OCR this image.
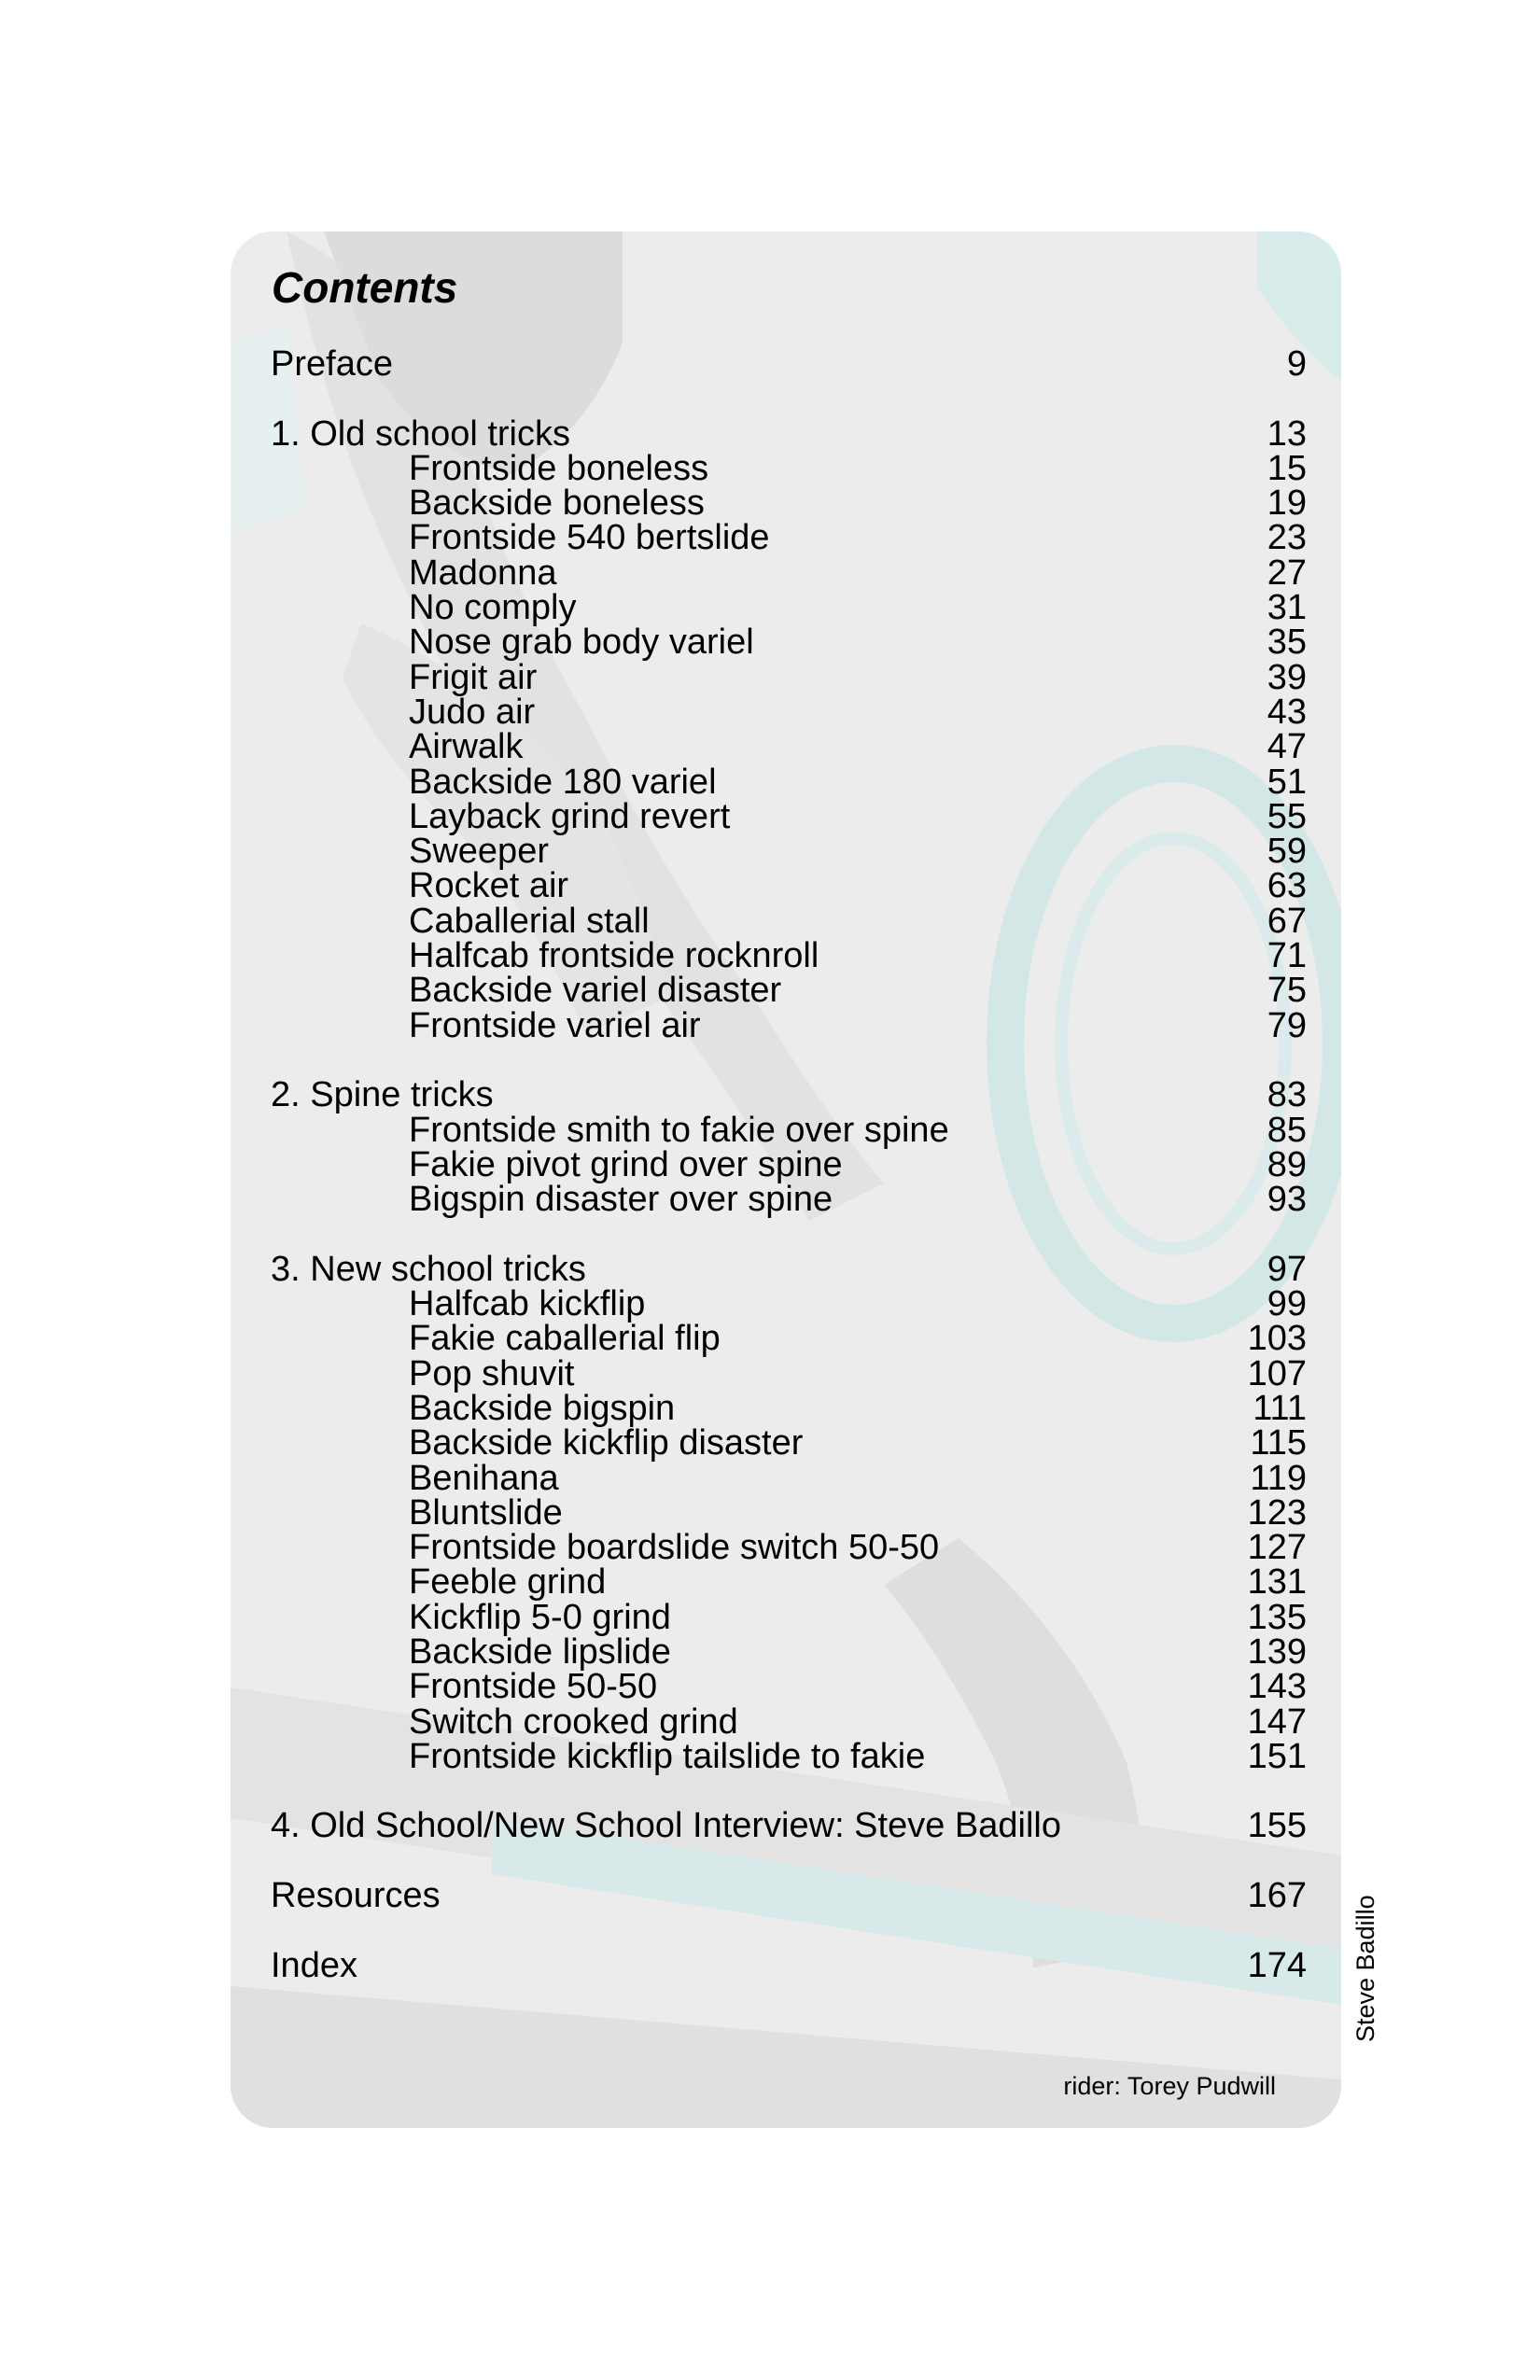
Contents
Preface	9
1. Old school tricks	13
Frontside boneless	15
Backside boneless	19
Frontside 540 bertslide	23
Madonna	27
No comply	31
Nose grab body variel	35
Frigit air	39
Judo air	43
Airwalk	47
Backside 180 variel	51
Layback grind revert	55
Sweeper	59
Rocket air	63
Caballerial stall	67
Halfcab frontside rocknroll	71
Backside variel disaster	75
Frontside variel air	79
2. Spine tricks	83
Frontside smith to fakie over spine	85
Fakie pivot grind over spine	89
Bigspin disaster over spine	93
3. New school tricks	97
Halfcab kickflip	99
Fakie caballerial flip	103
Pop shuvit	107
Backside bigspin	111
Backside kickflip disaster	115
Benihana	119
Bluntslide	123
Frontside boardslide switch 50-50	127
Feeble grind	131
Kickflip 5-0 grind	135
Backside lipslide	139
Frontside 50-50	143
Switch crooked grind	147
Frontside kickflip tailslide to fakie	151
4. Old School/New School Interview: Steve Badillo	155
Resources	167
Index	174
rider: Torey Pudwill
Steve Badillo
